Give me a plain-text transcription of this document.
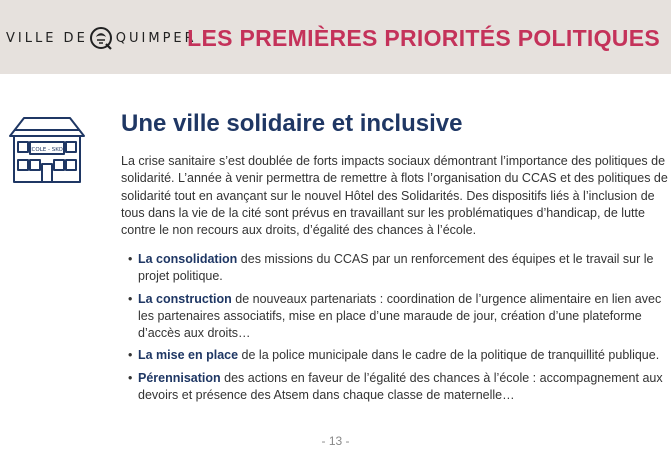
VILLE DE QUIMPER
LES PREMIÈRES PRIORITÉS POLITIQUES
ÉCOLE - SKOL
Une ville solidaire et inclusive

La crise sanitaire s’est doublée de forts impacts sociaux démontrant l’importance des politiques de solidarité. L’année à venir permettra de remettre à flots l’organisation du CCAS et des politiques de solidarité tout en avançant sur le nouvel Hôtel des Solidarités. Des dispositifs liés à l’inclusion de tous dans la vie de la cité sont prévus en travaillant sur les problématiques d’handicap, de lutte contre le non recours aux droits, d’égalité des chances à l’école.

• La consolidation des missions du CCAS par un renforcement des équipes et le travail sur le projet politique.
• La construction de nouveaux partenariats : coordination de l’urgence alimentaire en lien avec les partenaires associatifs, mise en place d’une maraude de jour, création d’une plateforme d’accès aux droits…
• La mise en place de la police municipale dans le cadre de la politique de tranquillité publique.
• Pérennisation des actions en faveur de l’égalité des chances à l’école : accompagnement aux devoirs et présence des Atsem dans chaque classe de maternelle…
- 13 -
